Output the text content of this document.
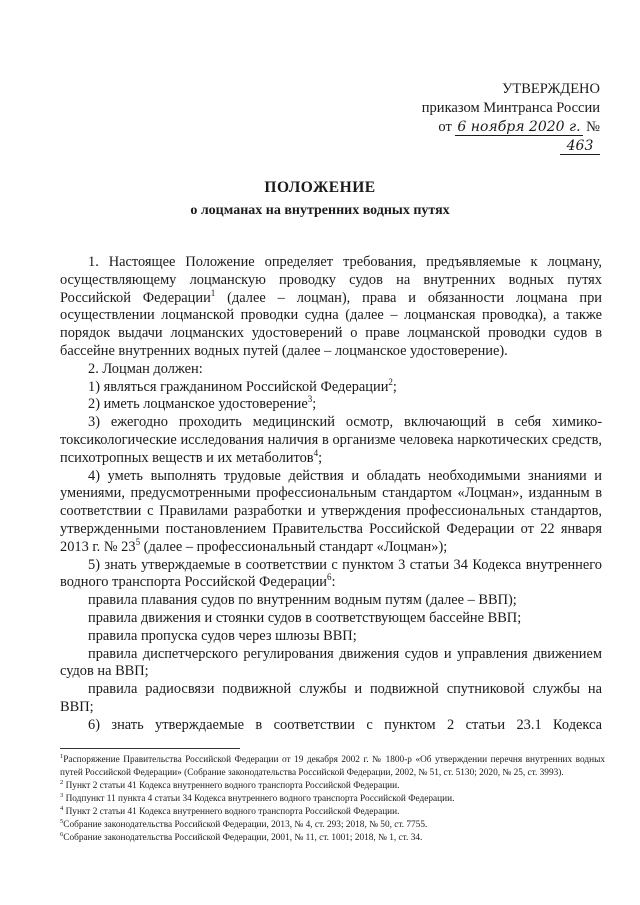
УТВЕРЖДЕНО
приказом Минтранса России
от 6 ноября 2020 г. № 463
ПОЛОЖЕНИЕ
о лоцманах на внутренних водных путях

1. Настоящее Положение определяет требования, предъявляемые к лоцману, осуществляющему лоцманскую проводку судов на внутренних водных путях Российской Федерации$^1$ (далее – лоцман), права и обязанности лоцмана при осуществлении лоцманской проводки судна (далее – лоцманская проводка), а также порядок выдачи лоцманских удостоверений о праве лоцманской проводки судов в бассейне внутренних водных путей (далее – лоцманское удостоверение).

2. Лоцман должен:

1) являться гражданином Российской Федерации$^2$;

2) иметь лоцманское удостоверение$^3$;

3) ежегодно проходить медицинский осмотр, включающий в себя химико-токсикологические исследования наличия в организме человека наркотических средств, психотропных веществ и их метаболитов$^4$;

4) уметь выполнять трудовые действия и обладать необходимыми знаниями и умениями, предусмотренными профессиональным стандартом «Лоцман», изданным в соответствии с Правилами разработки и утверждения профессиональных стандартов, утвержденными постановлением Правительства Российской Федерации от 22 января 2013 г. № $23^5$ (далее – профессиональный стандарт «Лоцман»);

5) знать утверждаемые в соответствии с пунктом 3 статьи 34 Кодекса внутреннего водного транспорта Российской Федерации$^6$:

правила плавания судов по внутренним водным путям (далее – ВВП);

правила движения и стоянки судов в соответствующем бассейне ВВП;

правила пропуска судов через шлюзы ВВП;

правила диспетчерского регулирования движения судов и управления движением судов на ВВП;

правила радиосвязи подвижной службы и подвижной спутниковой службы на ВВП;

6) знать утверждаемые в соответствии с пунктом 2 статьи 23.1 Кодекса

$^1$Распоряжение Правительства Российской Федерации от 19 декабря 2002 г. № 1800-р «Об утверждении перечня внутренних водных путей Российской Федерации» (Собрание законодательства Российской Федерации, 2002, № 51, ст. 5130; 2020, № 25, ст. 3993).

$^2$ Пункт 2 статьи 41 Кодекса внутреннего водного транспорта Российской Федерации.

$^3$ Подпункт 11 пункта 4 статьи 34 Кодекса внутреннего водного транспорта Российской Федерации.

$^4$ Пункт 2 статьи 41 Кодекса внутреннего водного транспорта Российской Федерации.

$^5$Собрание законодательства Российской Федерации, 2013, № 4, ст. 293; 2018, № 50, ст. 7755.

$^6$Собрание законодательства Российской Федерации, 2001, № 11, ст. 1001; 2018, № 1, ст. 34.
